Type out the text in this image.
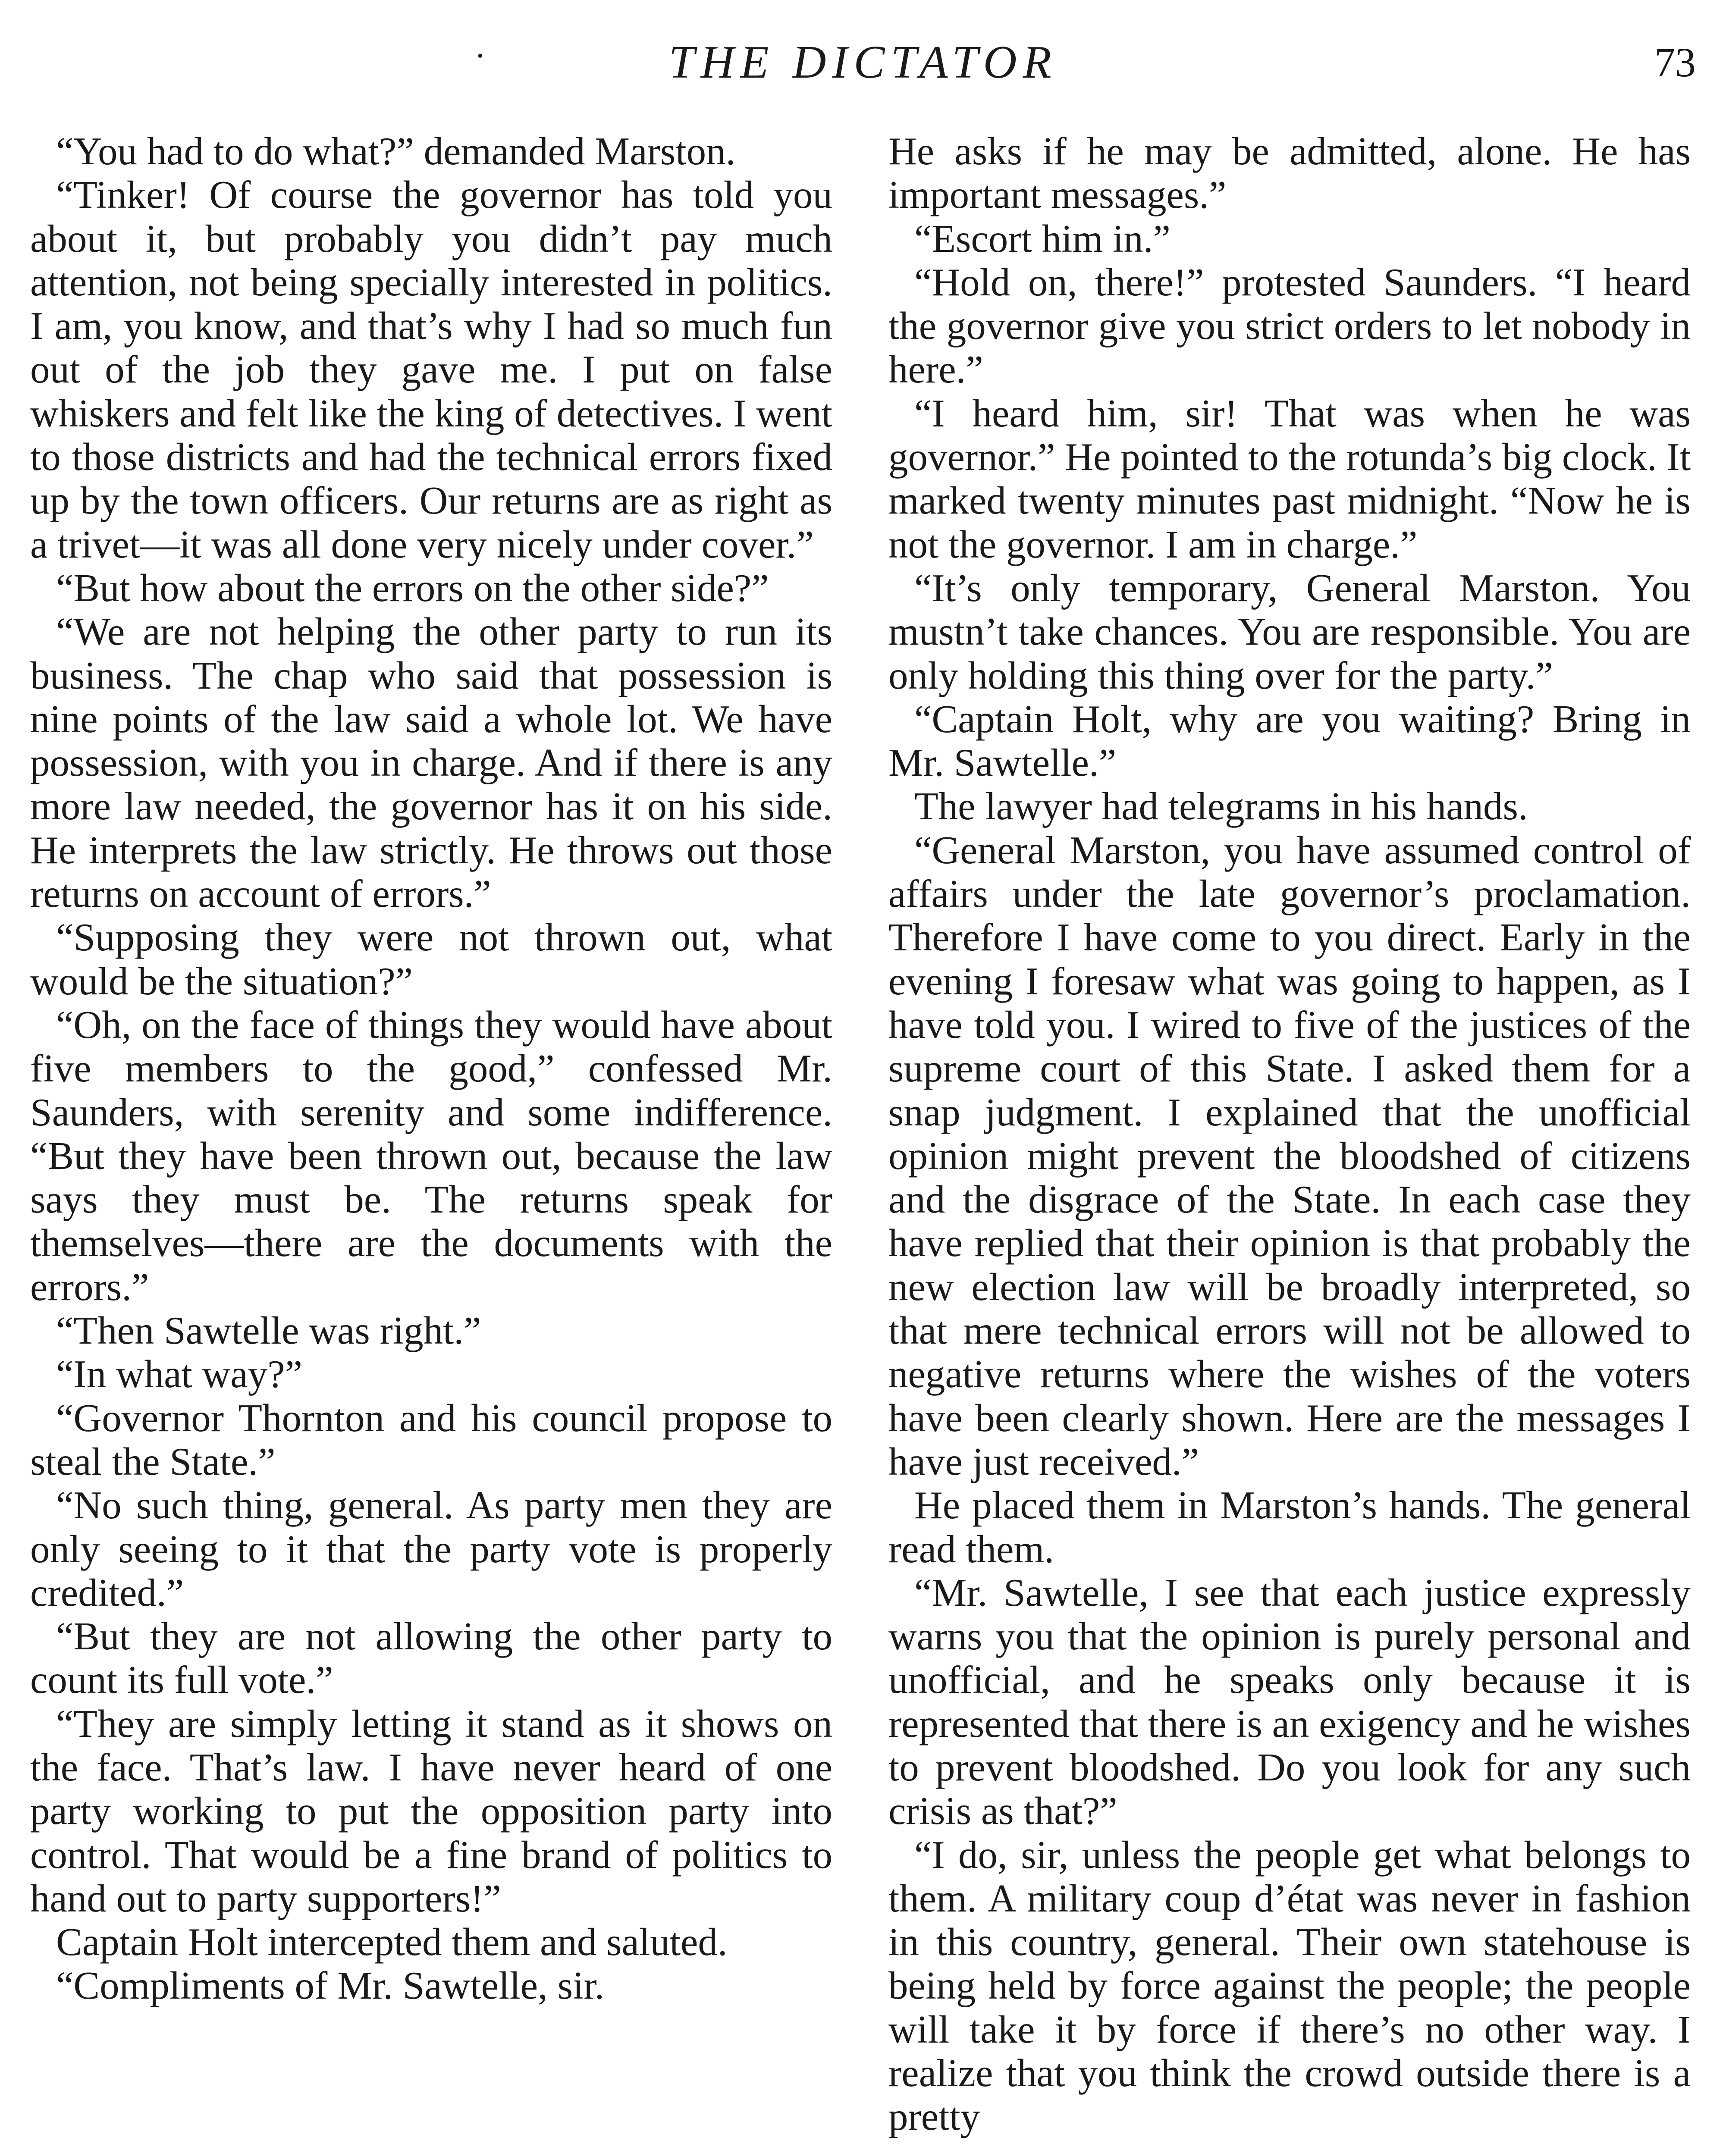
·	THE DICTATOR	73

“You had to do what?” demanded Marston.

“Tinker! Of course the governor has told you about it, but probably you didn’t pay much attention, not being specially interested in politics. I am, you know, and that’s why I had so much fun out of the job they gave me. I put on false whiskers and felt like the king of detectives. I went to those districts and had the technical errors fixed up by the town officers. Our returns are as right as a trivet—it was all done very nicely under cover.”

“But how about the errors on the other side?”

“We are not helping the other party to run its business. The chap who said that possession is nine points of the law said a whole lot. We have possession, with you in charge. And if there is any more law needed, the governor has it on his side. He interprets the law strictly. He throws out those returns on account of errors.”

“Supposing they were not thrown out, what would be the situation?”

“Oh, on the face of things they would have about five members to the good,” confessed Mr. Saunders, with serenity and some indifference. “But they have been thrown out, because the law says they must be. The returns speak for themselves—there are the documents with the errors.”

“Then Sawtelle was right.”

“In what way?”

“Governor Thornton and his council propose to steal the State.”

“No such thing, general. As party men they are only seeing to it that the party vote is properly credited.”

“But they are not allowing the other party to count its full vote.”

“They are simply letting it stand as it shows on the face. That’s law. I have never heard of one party working to put the opposition party into control. That would be a fine brand of politics to hand out to party supporters!”

Captain Holt intercepted them and saluted.

“Compliments of Mr. Sawtelle, sir.

He asks if he may be admitted, alone. He has important messages.”

“Escort him in.”

“Hold on, there!” protested Saunders. “I heard the governor give you strict orders to let nobody in here.”

“I heard him, sir! That was when he was governor.” He pointed to the rotunda’s big clock. It marked twenty minutes past midnight. “Now he is not the governor. I am in charge.”

“It’s only temporary, General Marston. You mustn’t take chances. You are responsible. You are only holding this thing over for the party.”

“Captain Holt, why are you waiting? Bring in Mr. Sawtelle.”

The lawyer had telegrams in his hands.

“General Marston, you have assumed control of affairs under the late governor’s proclamation. Therefore I have come to you direct. Early in the evening I foresaw what was going to happen, as I have told you. I wired to five of the justices of the supreme court of this State. I asked them for a snap judgment. I explained that the unofficial opinion might prevent the bloodshed of citizens and the disgrace of the State. In each case they have replied that their opinion is that probably the new election law will be broadly interpreted, so that mere technical errors will not be allowed to negative returns where the wishes of the voters have been clearly shown. Here are the messages I have just received.”

He placed them in Marston’s hands. The general read them.

“Mr. Sawtelle, I see that each justice expressly warns you that the opinion is purely personal and unofficial, and he speaks only because it is represented that there is an exigency and he wishes to prevent bloodshed. Do you look for any such crisis as that?”

“I do, sir, unless the people get what belongs to them. A military coup d’état was never in fashion in this country, general. Their own statehouse is being held by force against the people; the people will take it by force if there’s no other way. I realize that you think the crowd outside there is a pretty
